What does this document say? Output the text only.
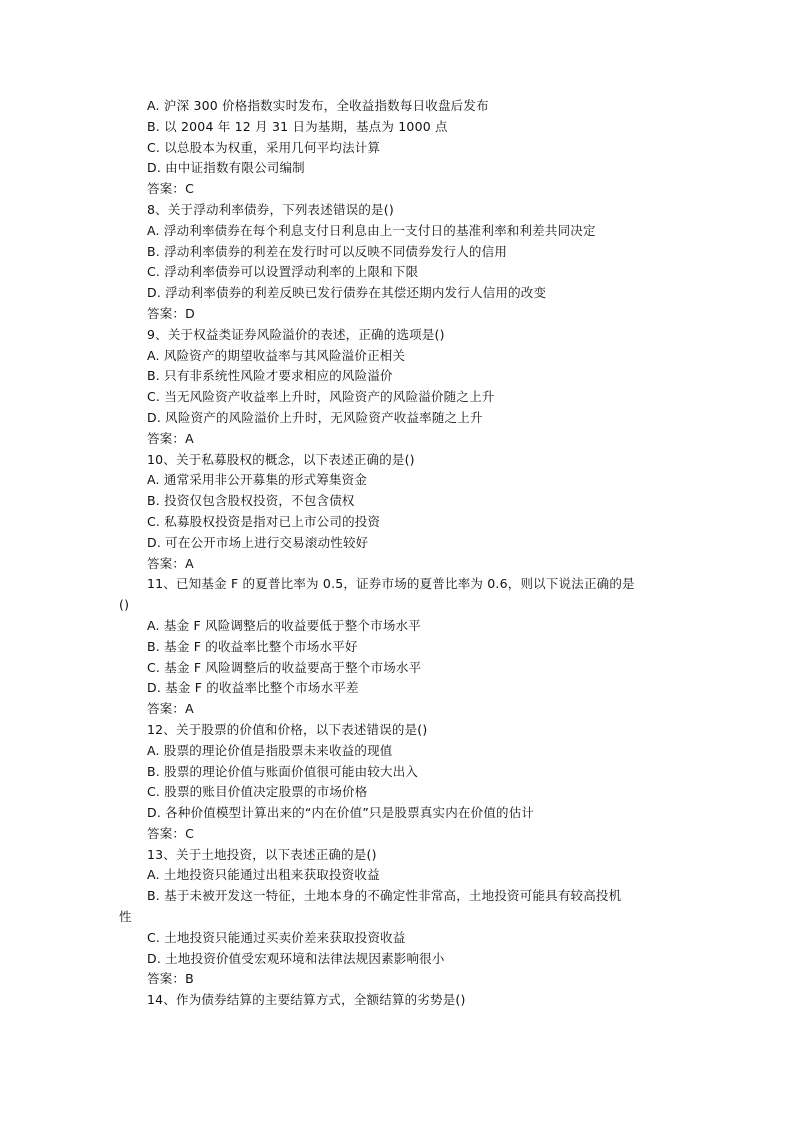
A. 沪深 300 价格指数实时发布，全收益指数每日收盘后发布
B. 以 2004 年 12 月 31 日为基期，基点为 1000 点
C. 以总股本为权重，采用几何平均法计算
D. 由中证指数有限公司编制
答案：C
8、关于浮动利率债券，下列表述错误的是()
A. 浮动利率债券在每个利息支付日利息由上一支付日的基准利率和利差共同决定
B. 浮动利率债券的利差在发行时可以反映不同债券发行人的信用
C. 浮动利率债券可以设置浮动利率的上限和下限
D. 浮动利率债券的利差反映已发行债券在其偿还期内发行人信用的改变
答案：D
9、关于权益类证券风险溢价的表述，正确的选项是()
A. 风险资产的期望收益率与其风险溢价正相关
B. 只有非系统性风险才要求相应的风险溢价
C. 当无风险资产收益率上升时，风险资产的风险溢价随之上升
D. 风险资产的风险溢价上升时，无风险资产收益率随之上升
答案：A
10、关于私募股权的概念，以下表述正确的是()
A. 通常采用非公开募集的形式筹集资金
B. 投资仅包含股权投资，不包含债权
C. 私募股权投资是指对已上市公司的投资
D. 可在公开市场上进行交易滚动性较好
答案：A
11、已知基金 F 的夏普比率为 0.5，证券市场的夏普比率为 0.6，则以下说法正确的是
()
A. 基金 F 风险调整后的收益要低于整个市场水平
B. 基金 F 的收益率比整个市场水平好
C. 基金 F 风险调整后的收益要高于整个市场水平
D. 基金 F 的收益率比整个市场水平差
答案：A
12、关于股票的价值和价格，以下表述错误的是()
A. 股票的理论价值是指股票未来收益的现值
B. 股票的理论价值与账面价值很可能由较大出入
C. 股票的账目价值决定股票的市场价格
D. 各种价值模型计算出来的“内在价值”只是股票真实内在价值的估计
答案：C
13、关于土地投资，以下表述正确的是()
A. 土地投资只能通过出租来获取投资收益
B. 基于未被开发这一特征，土地本身的不确定性非常高，土地投资可能具有较高投机
性
C. 土地投资只能通过买卖价差来获取投资收益
D. 土地投资价值受宏观环境和法律法规因素影响很小
答案：B
14、作为债券结算的主要结算方式，全额结算的劣势是()
